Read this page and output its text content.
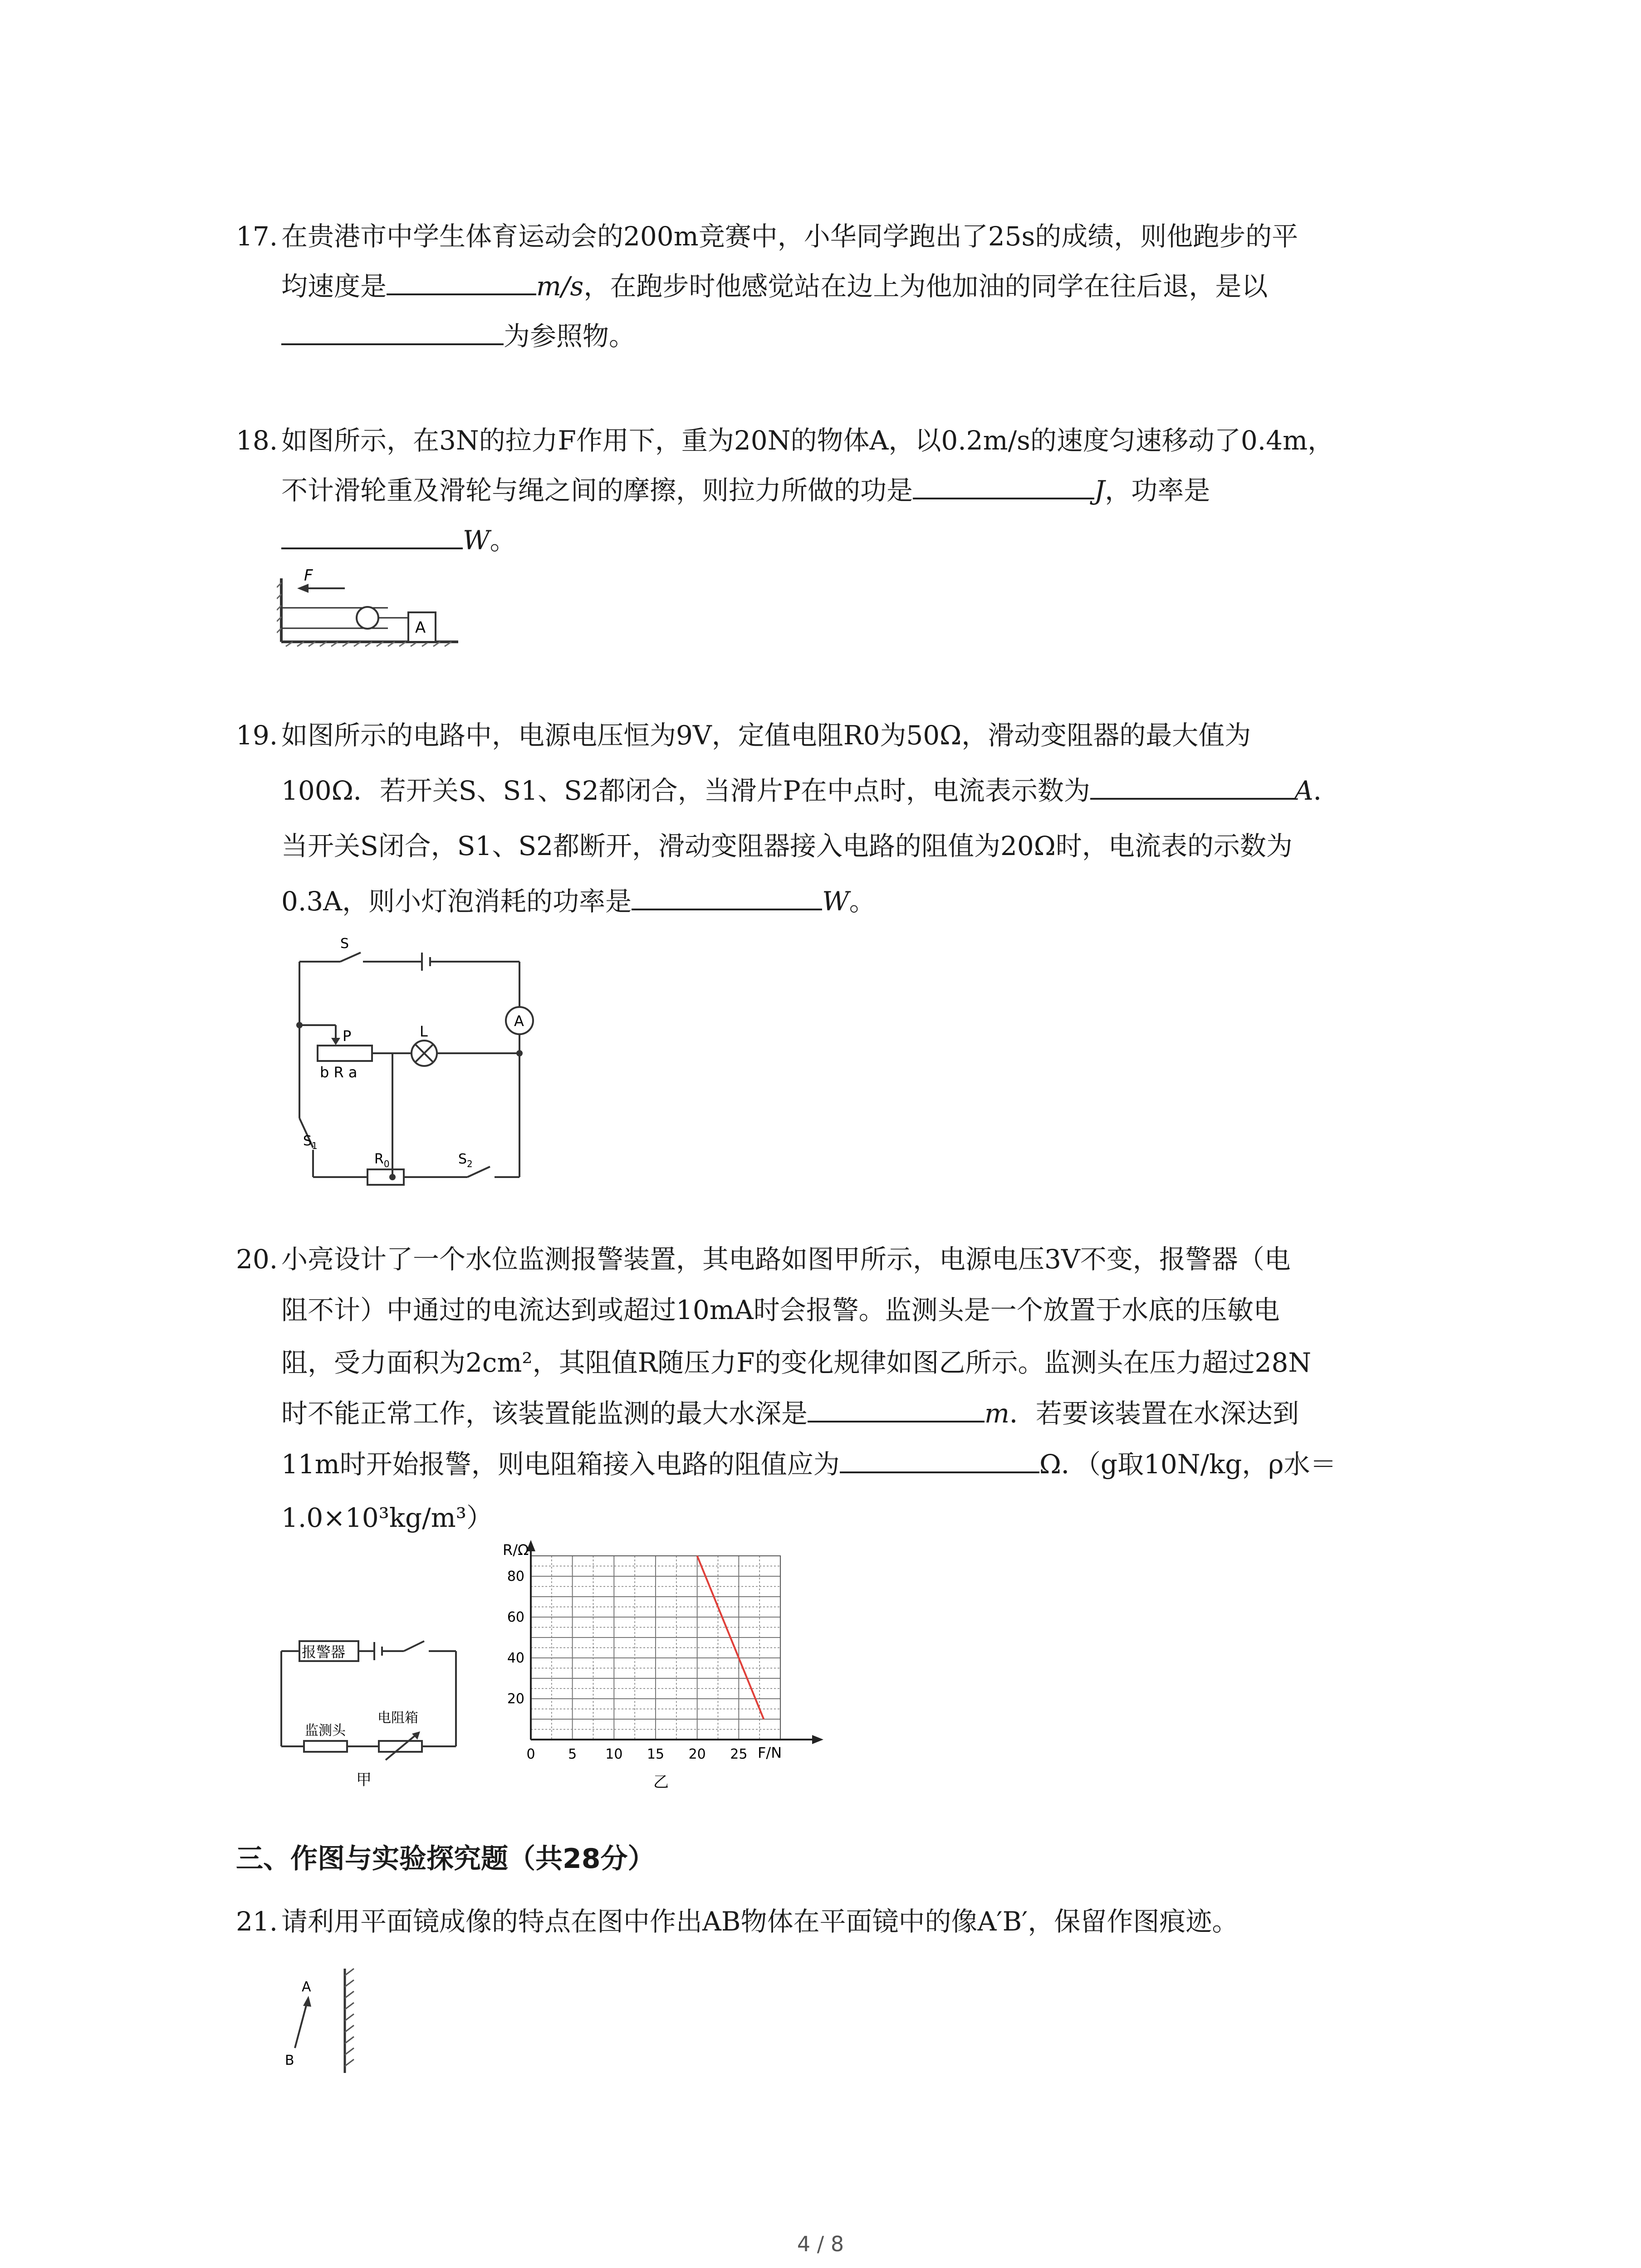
17. 在贵港市中学生体育运动会的200m竞赛中，小华同学跑出了25s的成绩，则他跑步的平
均速度是	m/s，在跑步时他感觉站在边上为他加油的同学在往后退，是以
为参照物。
18. 如图所示，在3N的拉力F作用下，重为20N的物体A，以0.2m/s的速度匀速移动了0.4m，
不计滑轮重及滑轮与绳之间的摩擦，则拉力所做的功是	J，功率是
W。
F
A
19. 如图所示的电路中，电源电压恒为9V，定值电阻R0为50Ω，滑动变阻器的最大值为
100Ω．若开关S、S1、S2都闭合，当滑片P在中点时，电流表示数为	A．
当开关S闭合，S1、S2都断开，滑动变阻器接入电路的阻值为20Ω时，电流表的示数为
0.3A，则小灯泡消耗的功率是	W。
S
A
P	L
b R a
$S_1$
$R_0$	$S_2$
20. 小亮设计了一个水位监测报警装置，其电路如图甲所示，电源电压3V不变，报警器（电
阻不计）中通过的电流达到或超过10mA时会报警。监测头是一个放置于水底的压敏电
阻，受力面积为2cm²，其阻值R随压力F的变化规律如图乙所示。监测头在压力超过28N
时不能正常工作，该装置能监测的最大水深是	m．若要该装置在水深达到
11m时开始报警，则电阻箱接入电路的阻值应为	Ω．（g取10N/kg，ρ水＝
1.0×10³kg/m³）
报警器
监测头
电阻箱
甲
0 5 10 15 20 25
20
40
60
80
R/Ω
F/N
乙
三、作图与实验探究题（共28分）
21. 请利用平面镜成像的特点在图中作出AB物体在平面镜中的像A′B′，保留作图痕迹。
A
B
4 / 8
